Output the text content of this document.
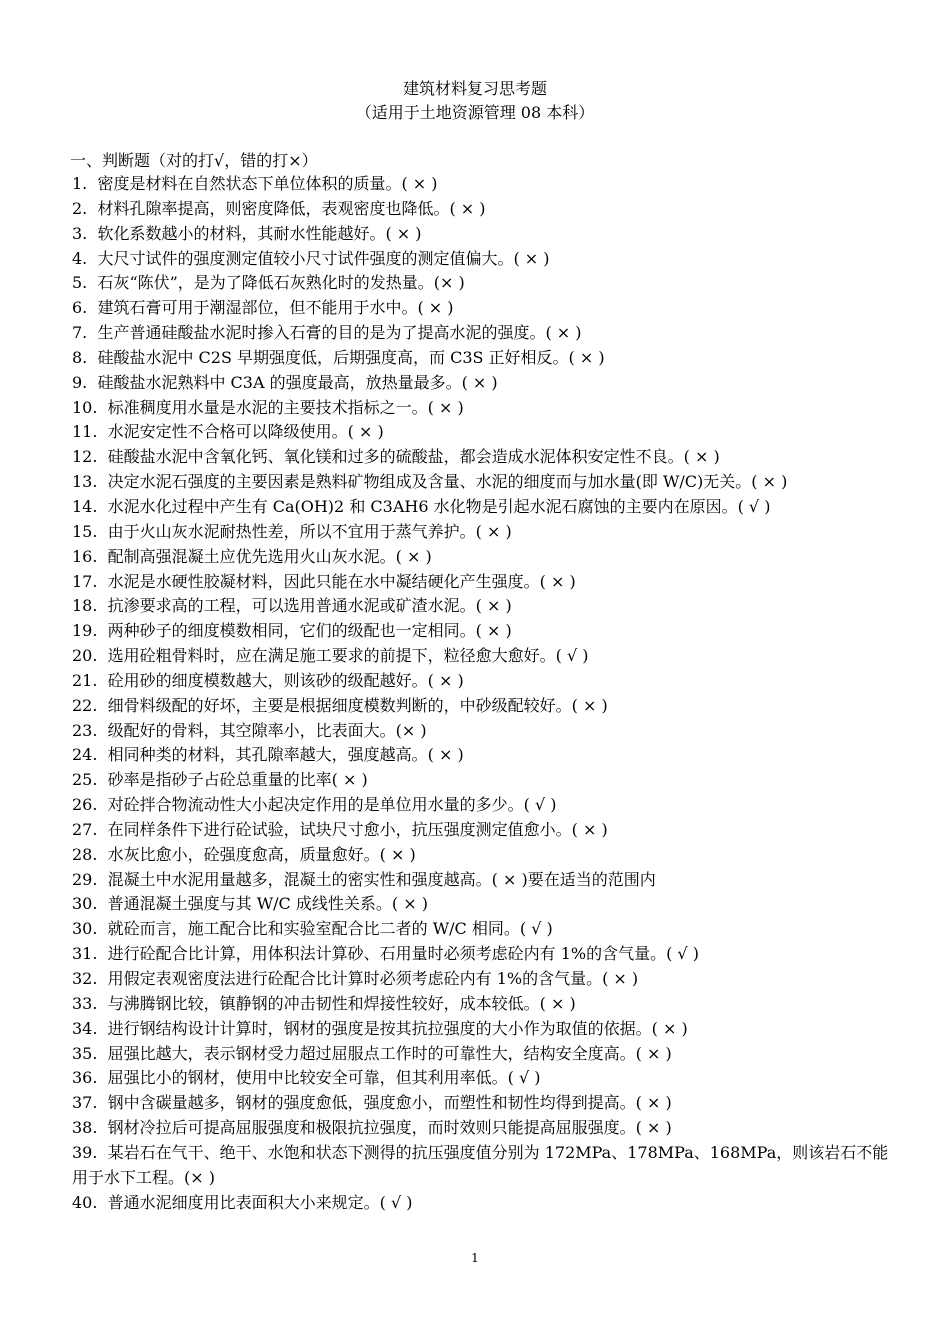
建筑材料复习思考题
（适用于土地资源管理 08 本科）
一、判断题（对的打√，错的打×）
1. 密度是材料在自然状态下单位体积的质量。( × )
2. 材料孔隙率提高，则密度降低，表观密度也降低。( × )
3. 软化系数越小的材料，其耐水性能越好。( × )
4. 大尺寸试件的强度测定值较小尺寸试件强度的测定值偏大。( × )
5. 石灰“陈伏”，是为了降低石灰熟化时的发热量。(× )
6. 建筑石膏可用于潮湿部位，但不能用于水中。( × )
7. 生产普通硅酸盐水泥时掺入石膏的目的是为了提高水泥的强度。( × )
8. 硅酸盐水泥中 C2S 早期强度低，后期强度高，而 C3S 正好相反。( × )
9. 硅酸盐水泥熟料中 C3A 的强度最高，放热量最多。( × )
10. 标准稠度用水量是水泥的主要技术指标之一。( × )
11. 水泥安定性不合格可以降级使用。( × )
12. 硅酸盐水泥中含氧化钙、氧化镁和过多的硫酸盐，都会造成水泥体积安定性不良。( × )
13. 决定水泥石强度的主要因素是熟料矿物组成及含量、水泥的细度而与加水量(即 W/C)无关。( × )
14. 水泥水化过程中产生有 Ca(OH)2 和 C3AH6 水化物是引起水泥石腐蚀的主要内在原因。( √ )
15. 由于火山灰水泥耐热性差，所以不宜用于蒸气养护。( × )
16. 配制高强混凝土应优先选用火山灰水泥。( × )
17. 水泥是水硬性胶凝材料，因此只能在水中凝结硬化产生强度。( × )
18. 抗渗要求高的工程，可以选用普通水泥或矿渣水泥。( × )
19. 两种砂子的细度模数相同，它们的级配也一定相同。( × )
20. 选用砼粗骨料时，应在满足施工要求的前提下，粒径愈大愈好。( √ )
21. 砼用砂的细度模数越大，则该砂的级配越好。( × )
22. 细骨料级配的好坏，主要是根据细度模数判断的，中砂级配较好。( × )
23. 级配好的骨料，其空隙率小，比表面大。(× )
24. 相同种类的材料，其孔隙率越大，强度越高。( × )
25. 砂率是指砂子占砼总重量的比率( × )
26. 对砼拌合物流动性大小起决定作用的是单位用水量的多少。( √ )
27. 在同样条件下进行砼试验，试块尺寸愈小，抗压强度测定值愈小。( × )
28. 水灰比愈小，砼强度愈高，质量愈好。( × )
29. 混凝土中水泥用量越多，混凝土的密实性和强度越高。( × )要在适当的范围内
30. 普通混凝土强度与其 W/C 成线性关系。( × )
30. 就砼而言，施工配合比和实验室配合比二者的 W/C 相同。( √ )
31. 进行砼配合比计算，用体积法计算砂、石用量时必须考虑砼内有 1%的含气量。( √ )
32. 用假定表观密度法进行砼配合比计算时必须考虑砼内有 1%的含气量。( × )
33. 与沸腾钢比较，镇静钢的冲击韧性和焊接性较好，成本较低。( × )
34. 进行钢结构设计计算时，钢材的强度是按其抗拉强度的大小作为取值的依据。( × )
35. 屈强比越大，表示钢材受力超过屈服点工作时的可靠性大，结构安全度高。( × )
36. 屈强比小的钢材，使用中比较安全可靠，但其利用率低。( √ )
37. 钢中含碳量越多，钢材的强度愈低，强度愈小，而塑性和韧性均得到提高。( × )
38. 钢材冷拉后可提高屈服强度和极限抗拉强度，而时效则只能提高屈服强度。( × )
39. 某岩石在气干、绝干、水饱和状态下测得的抗压强度值分别为 172MPa、178MPa、168MPa，则该岩石不能用于水下工程。(× )
40. 普通水泥细度用比表面积大小来规定。( √ )
1
